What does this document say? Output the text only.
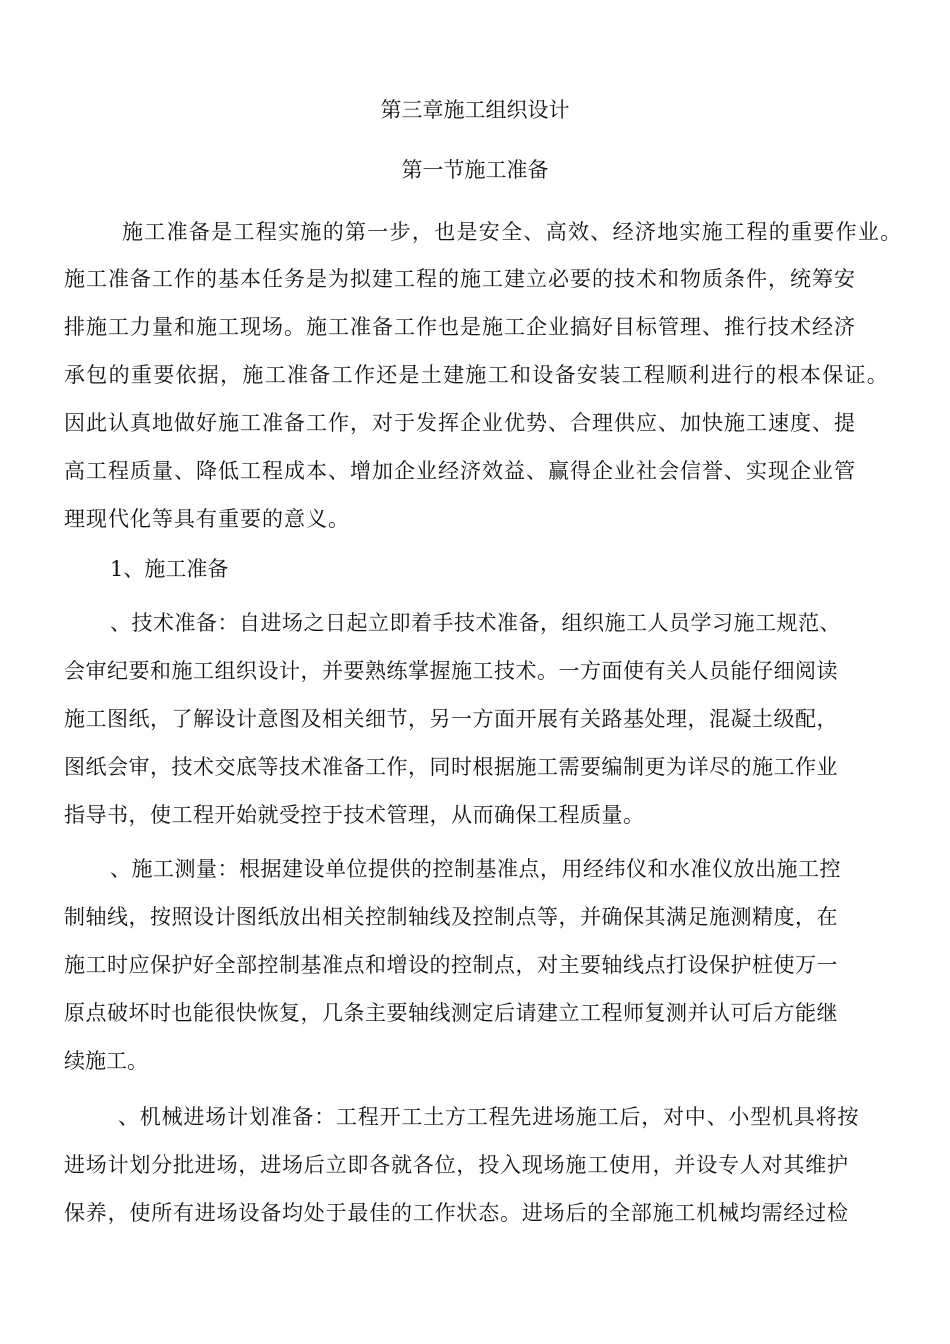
第三章施工组织设计
第一节施工准备
施工准备是工程实施的第一步，也是安全、高效、经济地实施工程的重要作业。
施工准备工作的基本任务是为拟建工程的施工建立必要的技术和物质条件，统筹安
排施工力量和施工现场。施工准备工作也是施工企业搞好目标管理、推行技术经济
承包的重要依据，施工准备工作还是土建施工和设备安装工程顺利进行的根本保证。
因此认真地做好施工准备工作，对于发挥企业优势、合理供应、加快施工速度、提
高工程质量、降低工程成本、增加企业经济效益、赢得企业社会信誉、实现企业管
理现代化等具有重要的意义。
1、施工准备
、技术准备：自进场之日起立即着手技术准备，组织施工人员学习施工规范、
会审纪要和施工组织设计，并要熟练掌握施工技术。一方面使有关人员能仔细阅读
施工图纸，了解设计意图及相关细节，另一方面开展有关路基处理，混凝土级配，
图纸会审，技术交底等技术准备工作，同时根据施工需要编制更为详尽的施工作业
指导书，使工程开始就受控于技术管理，从而确保工程质量。
、施工测量：根据建设单位提供的控制基准点，用经纬仪和水准仪放出施工控
制轴线，按照设计图纸放出相关控制轴线及控制点等，并确保其满足施测精度，在
施工时应保护好全部控制基准点和增设的控制点，对主要轴线点打设保护桩使万一
原点破坏时也能很快恢复，几条主要轴线测定后请建立工程师复测并认可后方能继
续施工。
、机械进场计划准备：工程开工土方工程先进场施工后，对中、小型机具将按
进场计划分批进场，进场后立即各就各位，投入现场施工使用，并设专人对其维护
保养，使所有进场设备均处于最佳的工作状态。进场后的全部施工机械均需经过检
